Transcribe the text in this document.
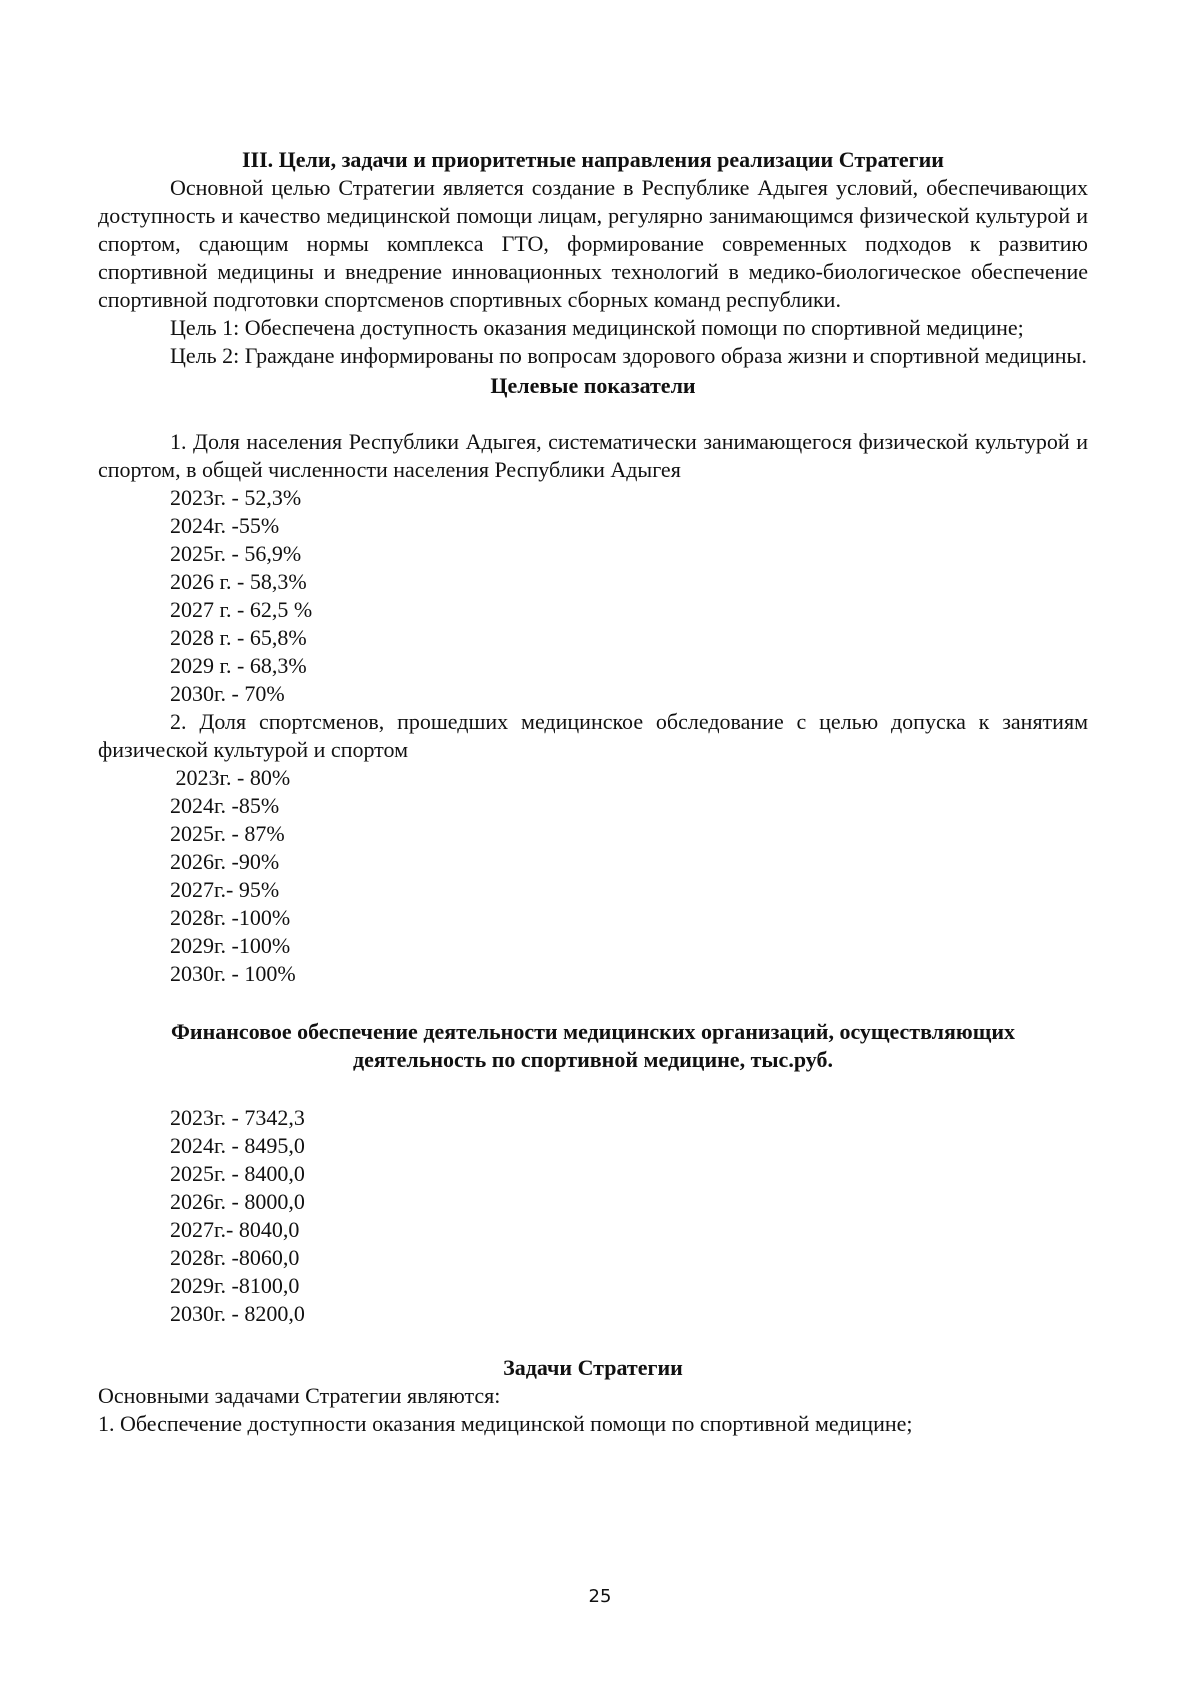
III. Цели, задачи и приоритетные направления реализации Стратегии

Основной целью Стратегии является создание в Республике Адыгея условий, обеспечивающих доступность и качество медицинской помощи лицам, регулярно занимающимся физической культурой и спортом, сдающим нормы комплекса ГТО, формирование современных подходов к развитию спортивной медицины и внедрение инновационных технологий в медико-биологическое обеспечение спортивной подготовки спортсменов спортивных сборных команд республики.

Цель 1: Обеспечена доступность оказания медицинской помощи по спортивной медицине;

Цель 2: Граждане информированы по вопросам здорового образа жизни и спортивной медицины.

Целевые показатели

1. Доля населения Республики Адыгея, систематически занимающегося физической культурой и спортом, в общей численности населения Республики Адыгея

2023г. - 52,3%

2024г. -55%

2025г. - 56,9%

2026 г. - 58,3%

2027 г. - 62,5 %

2028 г. - 65,8%

2029 г. - 68,3%

2030г. - 70%

2. Доля спортсменов, прошедших медицинское обследование с целью допуска к занятиям физической культурой и спортом

2023г. - 80%

2024г. -85%

2025г. - 87%

2026г. -90%

2027г.- 95%

2028г. -100%

2029г. -100%

2030г. - 100%

Финансовое обеспечение деятельности медицинских организаций, осуществляющих

деятельность по спортивной медицине, тыс.руб.

2023г. - 7342,3

2024г. - 8495,0

2025г. - 8400,0

2026г. - 8000,0

2027г.- 8040,0

2028г. -8060,0

2029г. -8100,0

2030г. - 8200,0

Задачи Стратегии

Основными задачами Стратегии являются:

1. Обеспечение доступности оказания медицинской помощи по спортивной медицине;

25
